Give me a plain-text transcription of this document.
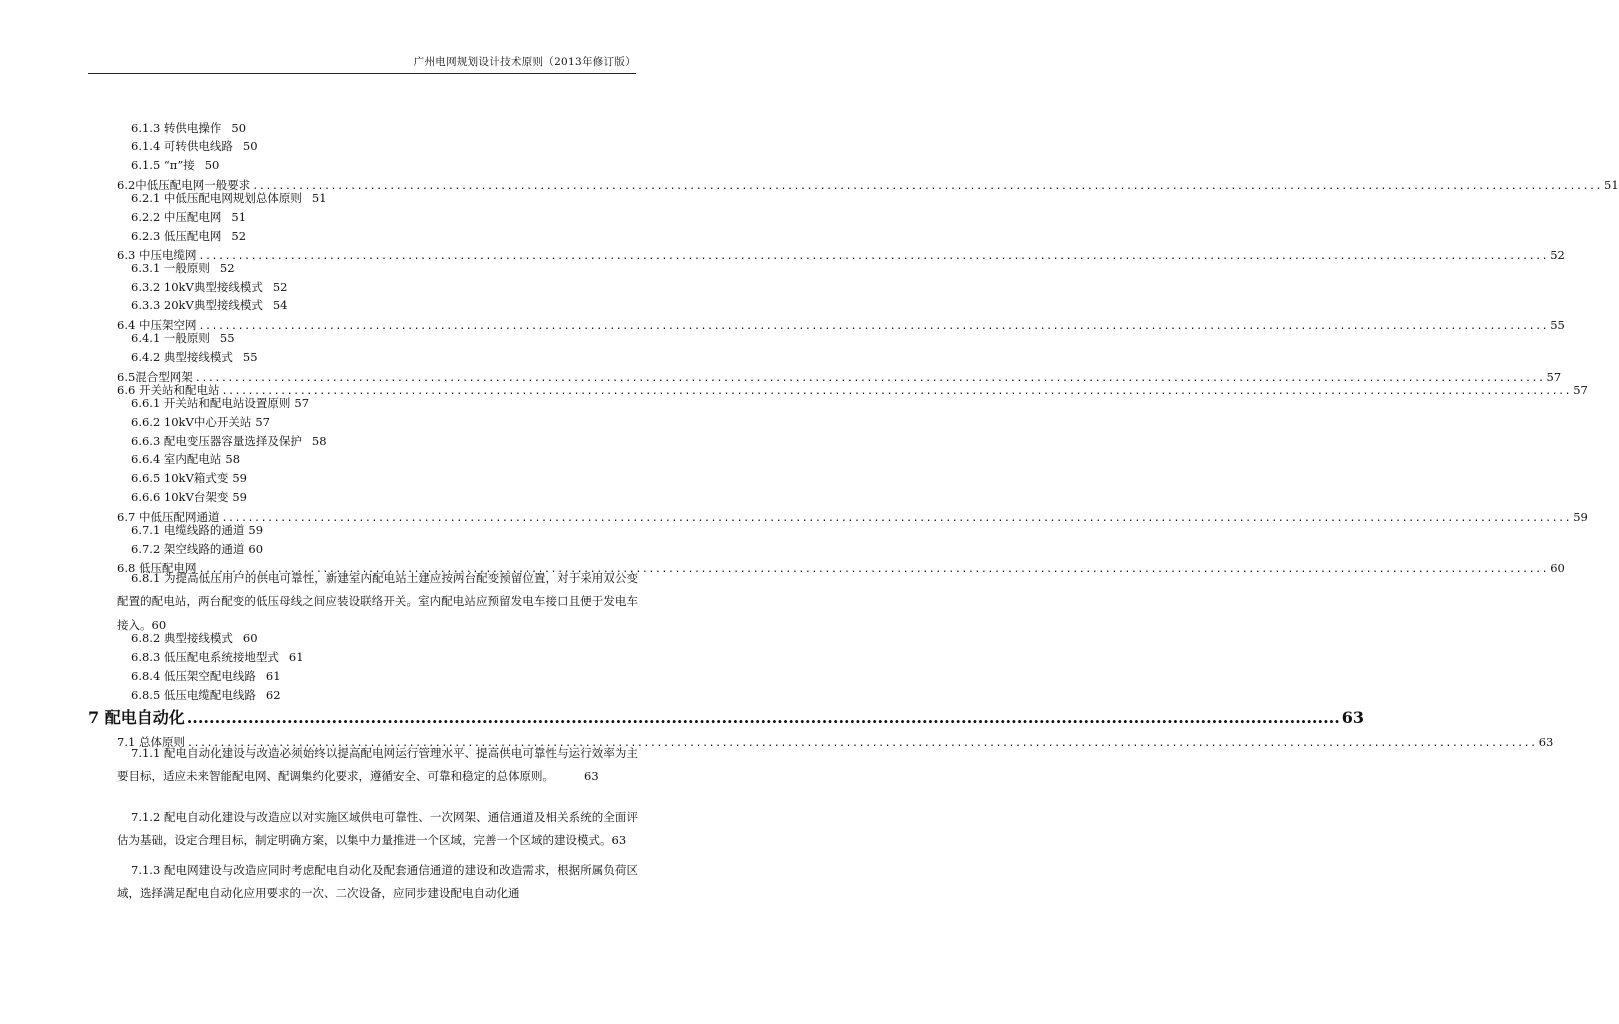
广州电网规划设计技术原则（2013年修订版）
6.1.3 转供电操作 50
6.1.4 可转供电线路 50
6.1.5 “π”接 50
6.2中低压配电网一般要求 ............................................................................................................................................................................................................... 51
6.2.1 中低压配电网规划总体原则 51
6.2.2 中压配电网 51
6.2.3 低压配电网 52
6.3 中压电缆网 ............................................................................................................................................................................................................... 52
6.3.1 一般原则 52
6.3.2 10kV典型接线模式 52
6.3.3 20kV典型接线模式 54
6.4 中压架空网 ............................................................................................................................................................................................................... 55
6.4.1 一般原则 55
6.4.2 典型接线模式 55
6.5混合型网架 ............................................................................................................................................................................................................... 57
6.6 开关站和配电站 ............................................................................................................................................................................................................... 57
6.6.1 开关站和配电站设置原则 57
6.6.2 10kV中心开关站 57
6.6.3 配电变压器容量选择及保护 58
6.6.4 室内配电站 58
6.6.5 10kV箱式变 59
6.6.6 10kV台架变 59
6.7 中低压配网通道 ............................................................................................................................................................................................................... 59
6.7.1 电缆线路的通道 59
6.7.2 架空线路的通道 60
6.8 低压配电网 ............................................................................................................................................................................................................... 60
6.8.1 为提高低压用户的供电可靠性，新建室内配电站土建应按两台配变预留位置，对于采用双公变配置的配电站，两台配变的低压母线之间应装设联络开关。室内配电站应预留发电车接口且便于发电车接入。60
6.8.2 典型接线模式 60
6.8.3 低压配电系统接地型式 61
6.8.4 低压架空配电线路 61
6.8.5 低压电缆配电线路 62
7 配电自动化 ............................................................................................................................................................................................................... 63
7.1 总体原则 ............................................................................................................................................................................................................... 63
7.1.1 配电自动化建设与改造必须始终以提高配电网运行管理水平、提高供电可靠性与运行效率为主要目标，适应未来智能配电网、配调集约化要求，遵循安全、可靠和稳定的总体原则。	63
7.1.2 配电自动化建设与改造应以对实施区域供电可靠性、一次网架、通信通道及相关系统的全面评估为基础，设定合理目标，制定明确方案，以集中力量推进一个区域，完善一个区域的建设模式。63
7.1.3 配电网建设与改造应同时考虑配电自动化及配套通信通道的建设和改造需求，根据所属负荷区域，选择满足配电自动化应用要求的一次、二次设备，应同步建设配电自动化通
